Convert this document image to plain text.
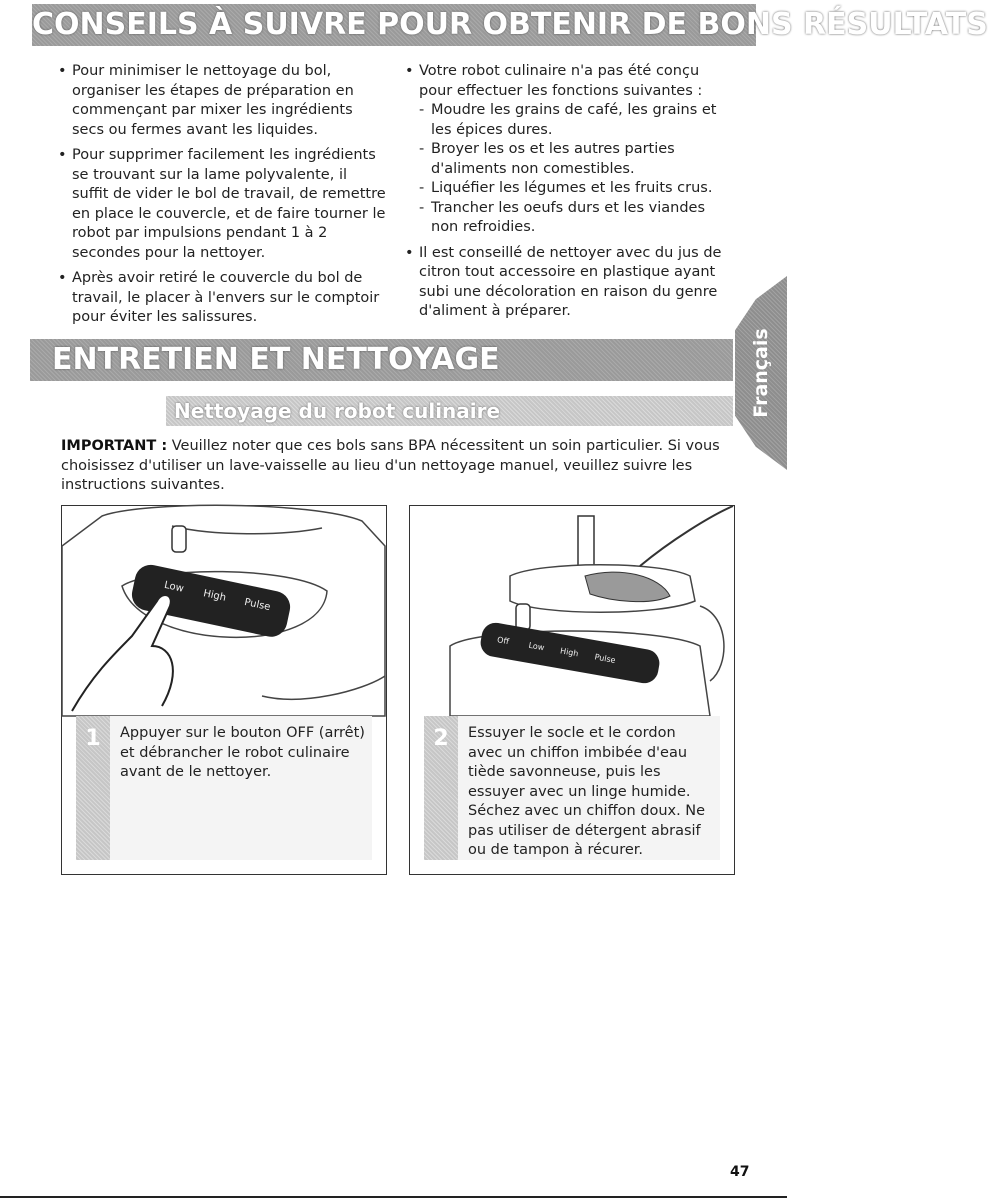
CONSEILS À SUIVRE POUR OBTENIR DE BONS RÉSULTATS
• Pour minimiser le nettoyage du bol, organiser les étapes de préparation en commençant par mixer les ingrédients secs ou fermes avant les liquides.
• Pour supprimer facilement les ingrédients se trouvant sur la lame polyvalente, il suffit de vider le bol de travail, de remettre en place le couvercle, et de faire tourner le robot par impulsions pendant 1 à 2 secondes pour la nettoyer.
• Après avoir retiré le couvercle du bol de travail, le placer à l'envers sur le comptoir pour éviter les salissures.
• Votre robot culinaire n'a pas été conçu pour effectuer les fonctions suivantes :
- Moudre les grains de café, les grains et les épices dures.
- Broyer les os et les autres parties d'aliments non comestibles.
- Liquéfier les légumes et les fruits crus.
- Trancher les oeufs durs et les viandes non refroidies.
• Il est conseillé de nettoyer avec du jus de citron tout accessoire en plastique ayant subi une décoloration en raison du genre d'aliment à préparer.
Français
ENTRETIEN ET NETTOYAGE
Nettoyage du robot culinaire
IMPORTANT : Veuillez noter que ces bols sans BPA nécessitent un soin particulier. Si vous choisissez d'utiliser un lave-vaisselle au lieu d'un nettoyage manuel, veuillez suivre les instructions suivantes.
Low
High
Pulse
1	Appuyer sur le bouton OFF (arrêt) et débrancher le robot culinaire avant de le nettoyer.
Off
Low High
Pulse
2	Essuyer le socle et le cordon avec un chiffon imbibée d'eau tiède savonneuse, puis les essuyer avec un linge humide. Séchez avec un chiffon doux. Ne pas utiliser de détergent abrasif ou de tampon à récurer.
47
